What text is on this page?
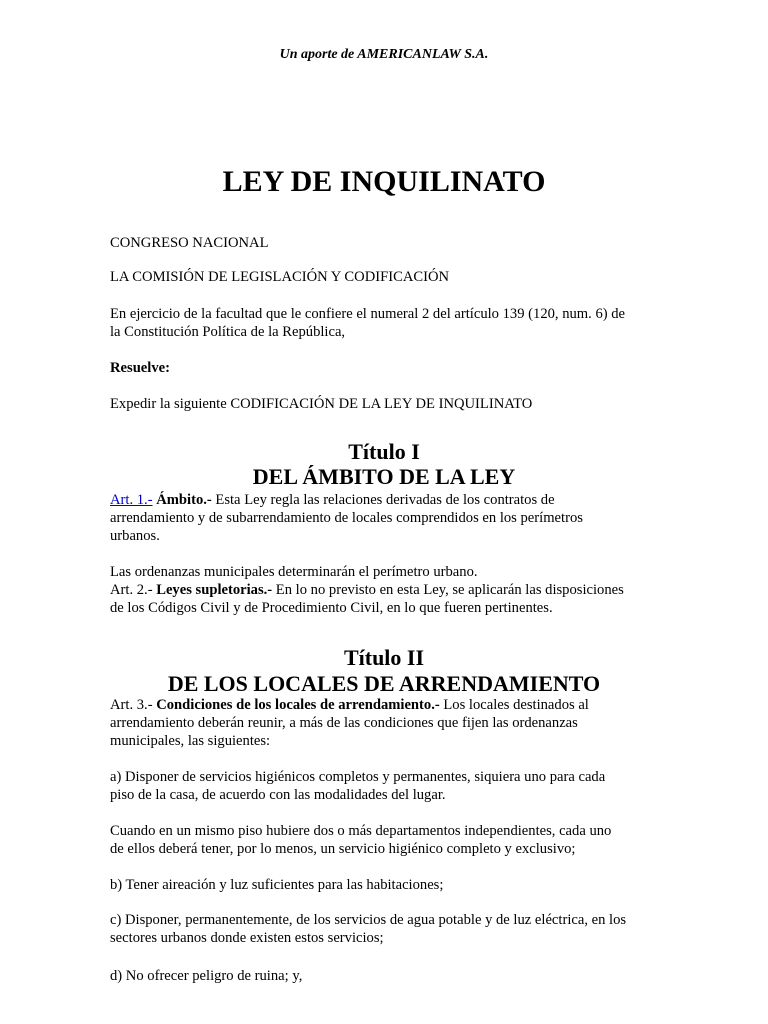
Un aporte de AMERICANLAW S.A.
LEY DE INQUILINATO

CONGRESO NACIONAL

LA COMISIÓN DE LEGISLACIÓN Y CODIFICACIÓN

En ejercicio de la facultad que le confiere el numeral 2 del artículo 139 (120, num. 6) de
la Constitución Política de la República,

Resuelve:

Expedir la siguiente CODIFICACIÓN DE LA LEY DE INQUILINATO

Título I
DEL ÁMBITO DE LA LEY

Art. 1.- Ámbito.- Esta Ley regla las relaciones derivadas de los contratos de
arrendamiento y de subarrendamiento de locales comprendidos en los perímetros
urbanos.

Las ordenanzas municipales determinarán el perímetro urbano.

Art. 2.- Leyes supletorias.- En lo no previsto en esta Ley, se aplicarán las disposiciones
de los Códigos Civil y de Procedimiento Civil, en lo que fueren pertinentes.

Título II
DE LOS LOCALES DE ARRENDAMIENTO

Art. 3.- Condiciones de los locales de arrendamiento.- Los locales destinados al
arrendamiento deberán reunir, a más de las condiciones que fijen las ordenanzas
municipales, las siguientes:

a) Disponer de servicios higiénicos completos y permanentes, siquiera uno para cada
piso de la casa, de acuerdo con las modalidades del lugar.

Cuando en un mismo piso hubiere dos o más departamentos independientes, cada uno
de ellos deberá tener, por lo menos, un servicio higiénico completo y exclusivo;

b) Tener aireación y luz suficientes para las habitaciones;

c) Disponer, permanentemente, de los servicios de agua potable y de luz eléctrica, en los
sectores urbanos donde existen estos servicios;

d) No ofrecer peligro de ruina; y,
